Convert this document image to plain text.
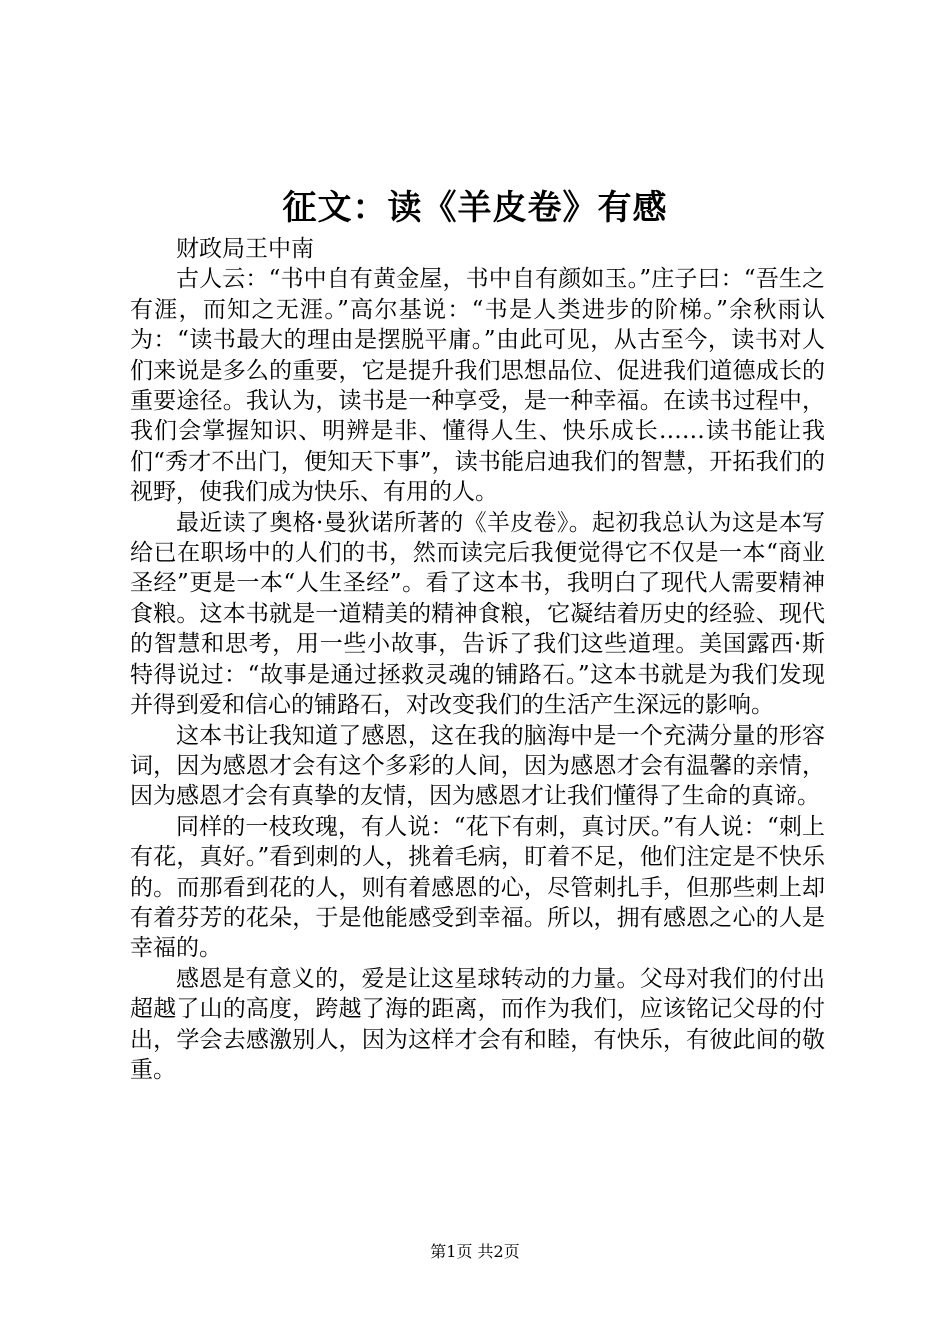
征文：读《羊皮卷》有感
财政局王中南

古人云：“书中自有黄金屋，书中自有颜如玉。”庄子曰：“吾生之有涯，而知之无涯。”高尔基说：“书是人类进步的阶梯。”余秋雨认为：“读书最大的理由是摆脱平庸。”由此可见，从古至今，读书对人们来说是多么的重要，它是提升我们思想品位、促进我们道德成长的重要途径。我认为，读书是一种享受，是一种幸福。在读书过程中，我们会掌握知识、明辨是非、懂得人生、快乐成长……读书能让我们“秀才不出门，便知天下事”，读书能启迪我们的智慧，开拓我们的视野，使我们成为快乐、有用的人。

最近读了奥格·曼狄诺所著的《羊皮卷》。起初我总认为这是本写给已在职场中的人们的书，然而读完后我便觉得它不仅是一本“商业圣经”更是一本“人生圣经”。看了这本书，我明白了现代人需要精神食粮。这本书就是一道精美的精神食粮，它凝结着历史的经验、现代的智慧和思考，用一些小故事，告诉了我们这些道理。美国露西·斯特得说过：“故事是通过拯救灵魂的铺路石。”这本书就是为我们发现并得到爱和信心的铺路石，对改变我们的生活产生深远的影响。

这本书让我知道了感恩，这在我的脑海中是一个充满分量的形容词，因为感恩才会有这个多彩的人间，因为感恩才会有温馨的亲情，因为感恩才会有真挚的友情，因为感恩才让我们懂得了生命的真谛。

同样的一枝玫瑰，有人说：“花下有刺，真讨厌。”有人说：“刺上有花，真好。”看到刺的人，挑着毛病，盯着不足，他们注定是不快乐的。而那看到花的人，则有着感恩的心，尽管刺扎手，但那些刺上却有着芬芳的花朵，于是他能感受到幸福。所以，拥有感恩之心的人是幸福的。

感恩是有意义的，爱是让这星球转动的力量。父母对我们的付出超越了山的高度，跨越了海的距离，而作为我们，应该铭记父母的付出，学会去感激别人，因为这样才会有和睦，有快乐，有彼此间的敬重。

第1页 共2页
